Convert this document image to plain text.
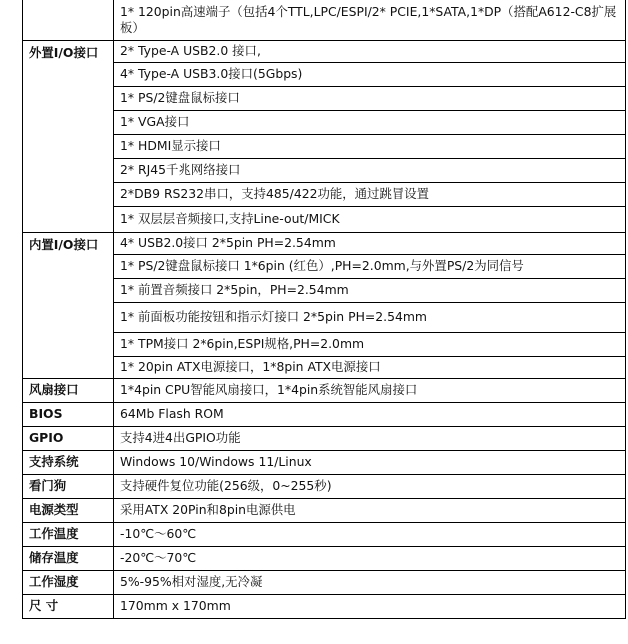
	1* 120pin高速端子（包括4个TTL,LPC/ESPI/2* PCIE,1*SATA,1*DP（搭配A612-C8扩展板）
外置I/O接口	2* Type-A USB2.0 接口,
	4* Type-A USB3.0接口(5Gbps)
	1* PS/2键盘鼠标接口
	1* VGA接口
	1* HDMI显示接口
	2* RJ45千兆网络接口
	2*DB9 RS232串口，支持485/422功能，通过跳冒设置
	1* 双层层音频接口,支持Line-out/MICK
内置I/O接口	4* USB2.0接口 2*5pin PH=2.54mm
	1* PS/2键盘鼠标接口 1*6pin (红色）,PH=2.0mm,与外置PS/2为同信号
	1* 前置音频接口 2*5pin，PH=2.54mm
	1* 前面板功能按钮和指示灯接口 2*5pin PH=2.54mm
	1* TPM接口 2*6pin,ESPI规格,PH=2.0mm
	1* 20pin ATX电源接口，1*8pin ATX电源接口
风扇接口	1*4pin CPU智能风扇接口，1*4pin系统智能风扇接口
BIOS	64Mb Flash ROM
GPIO	支持4进4出GPIO功能
支持系统	Windows 10/Windows 11/Linux
看门狗	支持硬件复位功能(256级，0~255秒)
电源类型	采用ATX 20Pin和8pin电源供电
工作温度	-10℃～60℃
储存温度	-20℃～70℃
工作湿度	5%-95%相对湿度,无冷凝
尺 寸	170mm x 170mm
